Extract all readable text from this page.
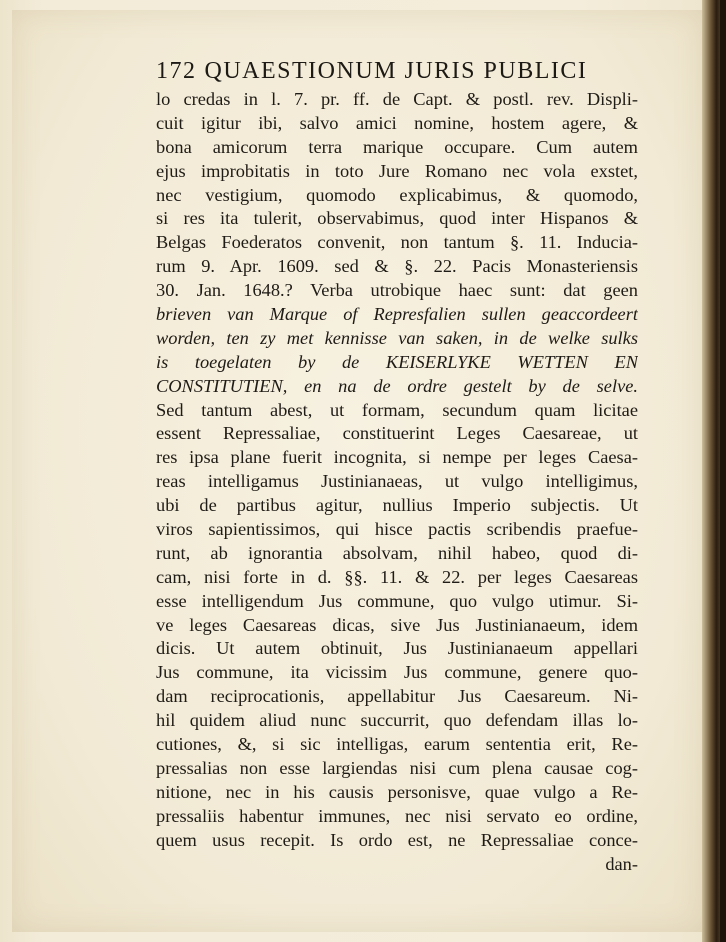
172 QUAESTIONUM JURIS PUBLICI
lo credas in l. 7. pr. ff. de Capt. & postl. rev. Displi-
cuit igitur ibi, salvo amici nomine, hostem agere, &
bona amicorum terra marique occupare. Cum autem
ejus improbitatis in toto Jure Romano nec vola exstet,
nec vestigium, quomodo explicabimus, & quomodo,
si res ita tulerit, observabimus, quod inter Hispanos &
Belgas Foederatos convenit, non tantum §. 11. Inducia-
rum 9. Apr. 1609. sed & §. 22. Pacis Monasteriensis
30. Jan. 1648.? Verba utrobique haec sunt: dat geen
brieven van Marque of Represfalien sullen geaccordeert
worden, ten zy met kennisse van saken, in de welke sulks
is toegelaten by de KEISERLYKE WETTEN EN
CONSTITUTIEN, en na de ordre gestelt by de selve.
Sed tantum abest, ut formam, secundum quam licitae
essent Repressaliae, constituerint Leges Caesareae, ut
res ipsa plane fuerit incognita, si nempe per leges Caesa-
reas intelligamus Justinianaeas, ut vulgo intelligimus,
ubi de partibus agitur, nullius Imperio subjectis. Ut
viros sapientissimos, qui hisce pactis scribendis praefue-
runt, ab ignorantia absolvam, nihil habeo, quod di-
cam, nisi forte in d. §§. 11. & 22. per leges Caesareas
esse intelligendum Jus commune, quo vulgo utimur. Si-
ve leges Caesareas dicas, sive Jus Justinianaeum, idem
dicis. Ut autem obtinuit, Jus Justinianaeum appellari
Jus commune, ita vicissim Jus commune, genere quo-
dam reciprocationis, appellabitur Jus Caesareum. Ni-
hil quidem aliud nunc succurrit, quo defendam illas lo-
cutiones, &, si sic intelligas, earum sententia erit, Re-
pressalias non esse largiendas nisi cum plena causae cog-
nitione, nec in his causis personisve, quae vulgo a Re-
pressaliis habentur immunes, nec nisi servato eo ordine,
quem usus recepit. Is ordo est, ne Repressaliae conce-
dan-
